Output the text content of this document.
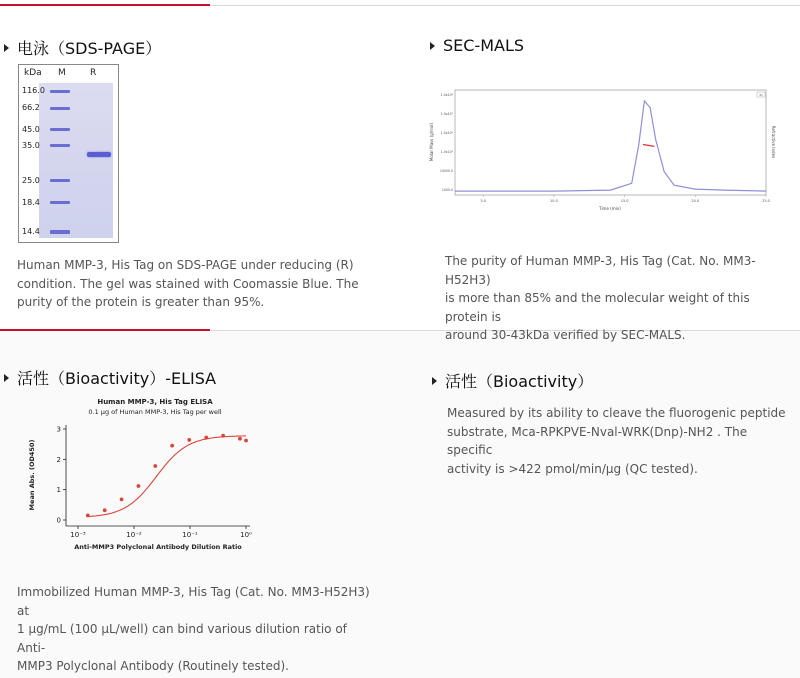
电泳（SDS-PAGE）
kDa M	R
116.0
66.2
45.0
35.0
25.0
18.4
14.4
Human MMP-3, His Tag on SDS-PAGE under reducing (R)
condition. The gel was stained with Coomassie Blue. The
purity of the protein is greater than 95%.
SEC-MALS
1.0x10⁸
1.0x10⁷
1.0x10⁶
1.0x10⁵
10000.0
1000.0
5.0	10.0	15.0	20.0	25.0
Molar Mass (g/mol)	Refractive Index
Time (min)
RI
The purity of Human MMP-3, His Tag (Cat. No. MM3-H52H3)
is more than 85% and the molecular weight of this protein is
around 30-43kDa verified by SEC-MALS.
活性（Bioactivity）-ELISA
Human MMP-3, His Tag ELISA
0.1 μg of Human MMP-3, His Tag per well
0
1
2
3
10⁻³	10⁻²	10⁻¹	10⁰
Mean Abs. (OD450)
Anti-MMP3 Polyclonal Antibody Dilution Ratio
Immobilized Human MMP-3, His Tag (Cat. No. MM3-H52H3) at
1 μg/mL (100 μL/well) can bind various dilution ratio of Anti-
MMP3 Polyclonal Antibody (Routinely tested).
活性（Bioactivity）
Measured by its ability to cleave the fluorogenic peptide
substrate, Mca-RPKPVE-Nval-WRK(Dnp)-NH2 . The specific
activity is >422 pmol/min/μg (QC tested).
